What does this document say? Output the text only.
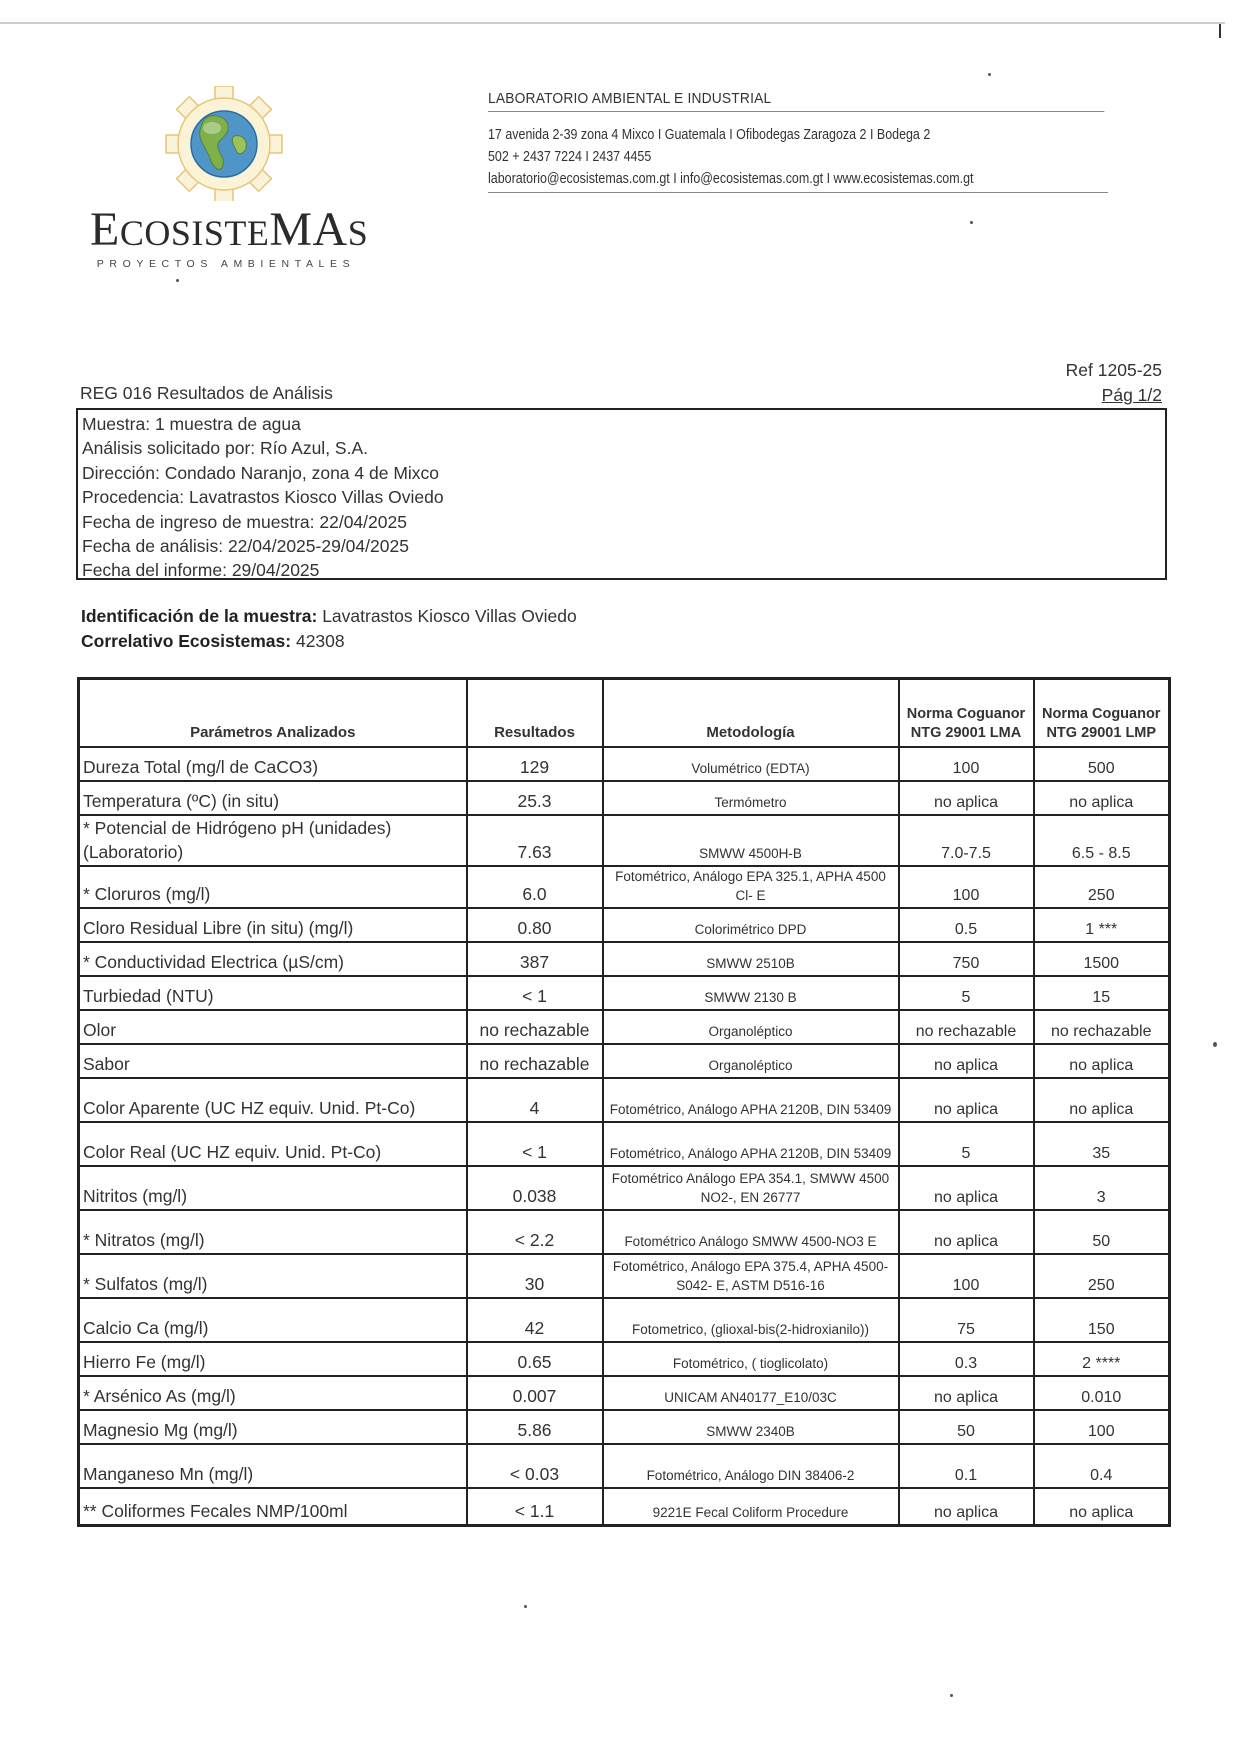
ECOSISTEMAS
PROYECTOS AMBIENTALES
LABORATORIO AMBIENTAL E INDUSTRIAL
17 avenida 2-39 zona 4 Mixco I Guatemala I Ofibodegas Zaragoza 2 I Bodega 2
502 + 2437 7224 I 2437 4455
laboratorio@ecosistemas.com.gt I info@ecosistemas.com.gt I www.ecosistemas.com.gt
REG 016 Resultados de Análisis
Ref 1205-25
Pág 1/2
Muestra: 1 muestra de agua
Análisis solicitado por: Río Azul, S.A.
Dirección: Condado Naranjo, zona 4 de Mixco
Procedencia: Lavatrastos Kiosco Villas Oviedo
Fecha de ingreso de muestra: 22/04/2025
Fecha de análisis: 22/04/2025-29/04/2025
Fecha del informe: 29/04/2025
Identificación de la muestra: Lavatrastos Kiosco Villas Oviedo
Correlativo Ecosistemas: 42308
Parámetros Analizados	Resultados	Metodología	Norma Coguanor NTG 29001 LMA	Norma Coguanor NTG 29001 LMP
Dureza Total (mg/l de CaCO3)	129	Volumétrico (EDTA)	100	500
Temperatura (ºC) (in situ)	25.3	Termómetro	no aplica	no aplica
* Potencial de Hidrógeno pH (unidades) (Laboratorio)	7.63	SMWW 4500H-B	7.0-7.5	6.5 - 8.5
* Cloruros (mg/l)	6.0	Fotométrico, Análogo EPA 325.1, APHA 4500 Cl- E	100	250
Cloro Residual Libre (in situ) (mg/l)	0.80	Colorimétrico DPD	0.5	1 ***
* Conductividad Electrica (µS/cm)	387	SMWW 2510B	750	1500
Turbiedad (NTU)	< 1	SMWW 2130 B	5	15
Olor	no rechazable	Organoléptico	no rechazable	no rechazable
Sabor	no rechazable	Organoléptico	no aplica	no aplica
Color Aparente (UC HZ equiv. Unid. Pt-Co)	4	Fotométrico, Análogo APHA 2120B, DIN 53409	no aplica	no aplica
Color Real (UC HZ equiv. Unid. Pt-Co)	< 1	Fotométrico, Análogo APHA 2120B, DIN 53409	5	35
Nitritos (mg/l)	0.038	Fotométrico Análogo EPA 354.1, SMWW 4500 NO2-, EN 26777	no aplica	3
* Nitratos (mg/l)	< 2.2	Fotométrico Análogo SMWW 4500-NO3 E	no aplica	50
* Sulfatos (mg/l)	30	Fotométrico, Análogo EPA 375.4, APHA 4500-S042- E, ASTM D516-16	100	250
Calcio Ca (mg/l)	42	Fotometrico, (glioxal-bis(2-hidroxianilo))	75	150
Hierro Fe (mg/l)	0.65	Fotométrico, ( tioglicolato)	0.3	2 ****
* Arsénico As (mg/l)	0.007	UNICAM AN40177_E10/03C	no aplica	0.010
Magnesio Mg (mg/l)	5.86	SMWW 2340B	50	100
Manganeso Mn (mg/l)	< 0.03	Fotométrico, Análogo DIN 38406-2	0.1	0.4
** Coliformes Fecales NMP/100ml	< 1.1	9221E Fecal Coliform Procedure	no aplica	no aplica
